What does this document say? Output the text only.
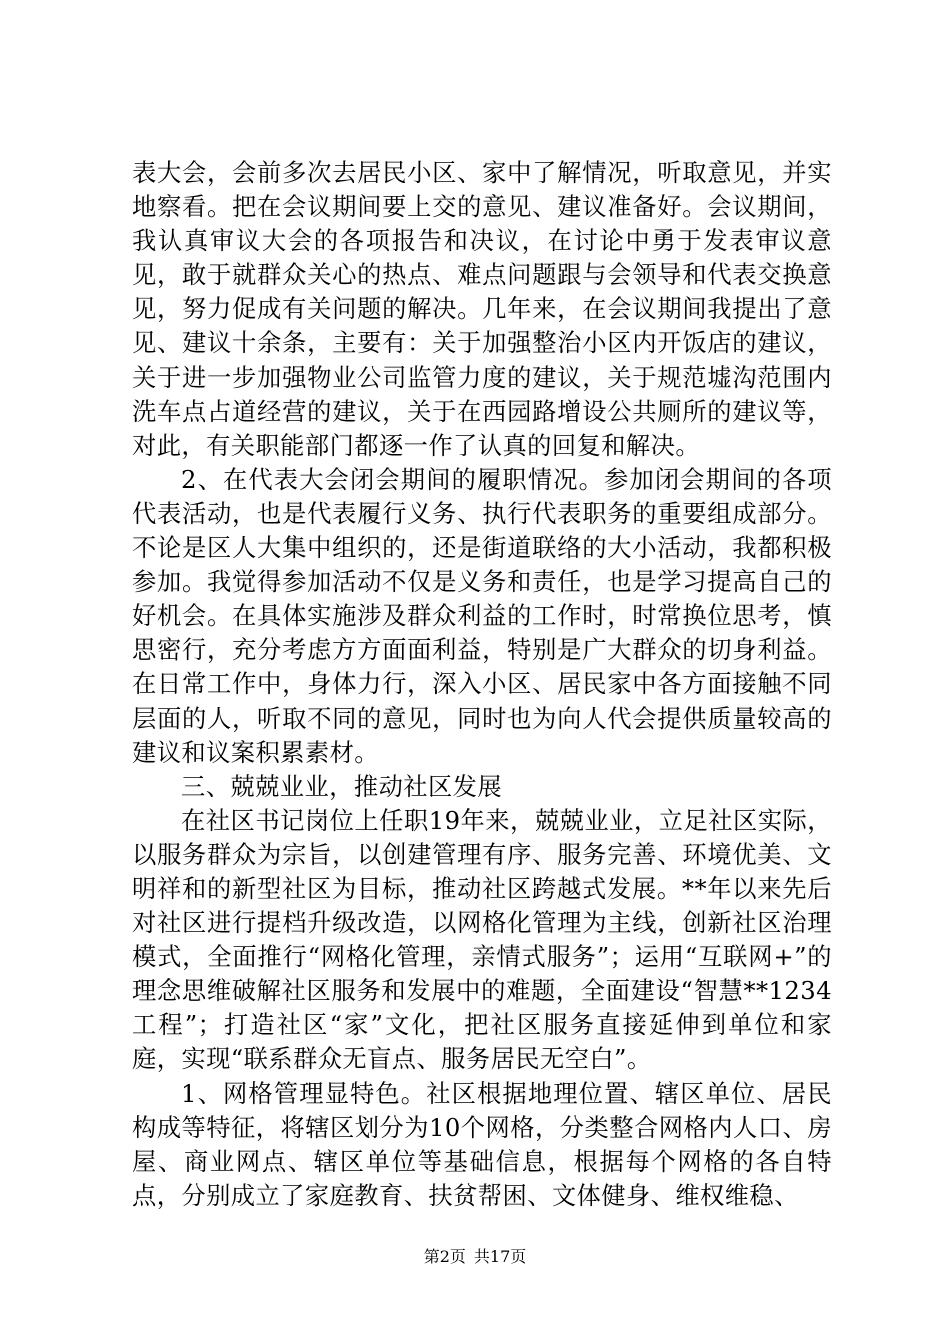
表大会，会前多次去居民小区、家中了解情况，听取意见，并实地察看。把在会议期间要上交的意见、建议准备好。会议期间，我认真审议大会的各项报告和决议，在讨论中勇于发表审议意见，敢于就群众关心的热点、难点问题跟与会领导和代表交换意见，努力促成有关问题的解决。几年来，在会议期间我提出了意见、建议十余条，主要有：关于加强整治小区内开饭店的建议，关于进一步加强物业公司监管力度的建议，关于规范墟沟范围内洗车点占道经营的建议，关于在西园路增设公共厕所的建议等，对此，有关职能部门都逐一作了认真的回复和解决。

2、在代表大会闭会期间的履职情况。参加闭会期间的各项代表活动，也是代表履行义务、执行代表职务的重要组成部分。不论是区人大集中组织的，还是街道联络的大小活动，我都积极参加。我觉得参加活动不仅是义务和责任，也是学习提高自己的好机会。在具体实施涉及群众利益的工作时，时常换位思考，慎思密行，充分考虑方方面面利益，特别是广大群众的切身利益。在日常工作中，身体力行，深入小区、居民家中各方面接触不同层面的人，听取不同的意见，同时也为向人代会提供质量较高的建议和议案积累素材。

三、兢兢业业，推动社区发展

在社区书记岗位上任职19年来，兢兢业业，立足社区实际，以服务群众为宗旨，以创建管理有序、服务完善、环境优美、文明祥和的新型社区为目标，推动社区跨越式发展。**年以来先后对社区进行提档升级改造，以网格化管理为主线，创新社区治理模式，全面推行“网格化管理，亲情式服务”；运用“互联网+”的理念思维破解社区服务和发展中的难题，全面建设“智慧**1234工程”；打造社区“家”文化，把社区服务直接延伸到单位和家庭，实现“联系群众无盲点、服务居民无空白”。

1、网格管理显特色。社区根据地理位置、辖区单位、居民构成等特征，将辖区划分为10个网格，分类整合网格内人口、房屋、商业网点、辖区单位等基础信息，根据每个网格的各自特点，分别成立了家庭教育、扶贫帮困、文体健身、维权维稳、

第2页 共17页
